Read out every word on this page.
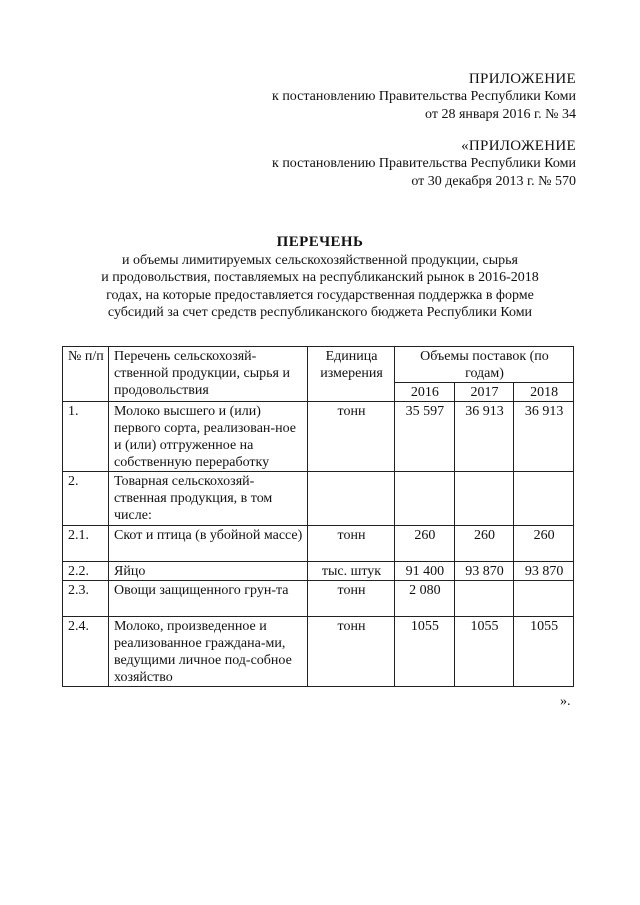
ПРИЛОЖЕНИЕ
к постановлению Правительства Республики Коми
от 28 января 2016 г. № 34
«ПРИЛОЖЕНИЕ
к постановлению Правительства Республики Коми
от 30 декабря 2013 г. № 570
ПЕРЕЧЕНЬ
и объемы лимитируемых сельскохозяйственной продукции, сырья
и продовольствия, поставляемых на республиканский рынок в 2016-2018
годах, на которые предоставляется государственная поддержка в форме
субсидий за счет средств республиканского бюджета Республики Коми
№ п/п	Перечень сельскохозяй-ственной продукции, сырья и продовольствия	Единица измерения	Объемы поставок (по годам)		
			2016	2017	2018
1.	Молоко высшего и (или) первого сорта, реализован-ное и (или) отгруженное на собственную переработку	тонн	35 597	36 913	36 913
2.	Товарная сельскохозяй-ственная продукция, в том числе:				
2.1.	Скот и птица (в убойной массе)	тонн	260	260	260
2.2.	Яйцо	тыс. штук	91 400	93 870	93 870
2.3.	Овощи защищенного грун-та	тонн	2 080		
2.4.	Молоко, произведенное и реализованное граждана-ми, ведущими личное под-собное хозяйство	тонн	1055	1055	1055
».
